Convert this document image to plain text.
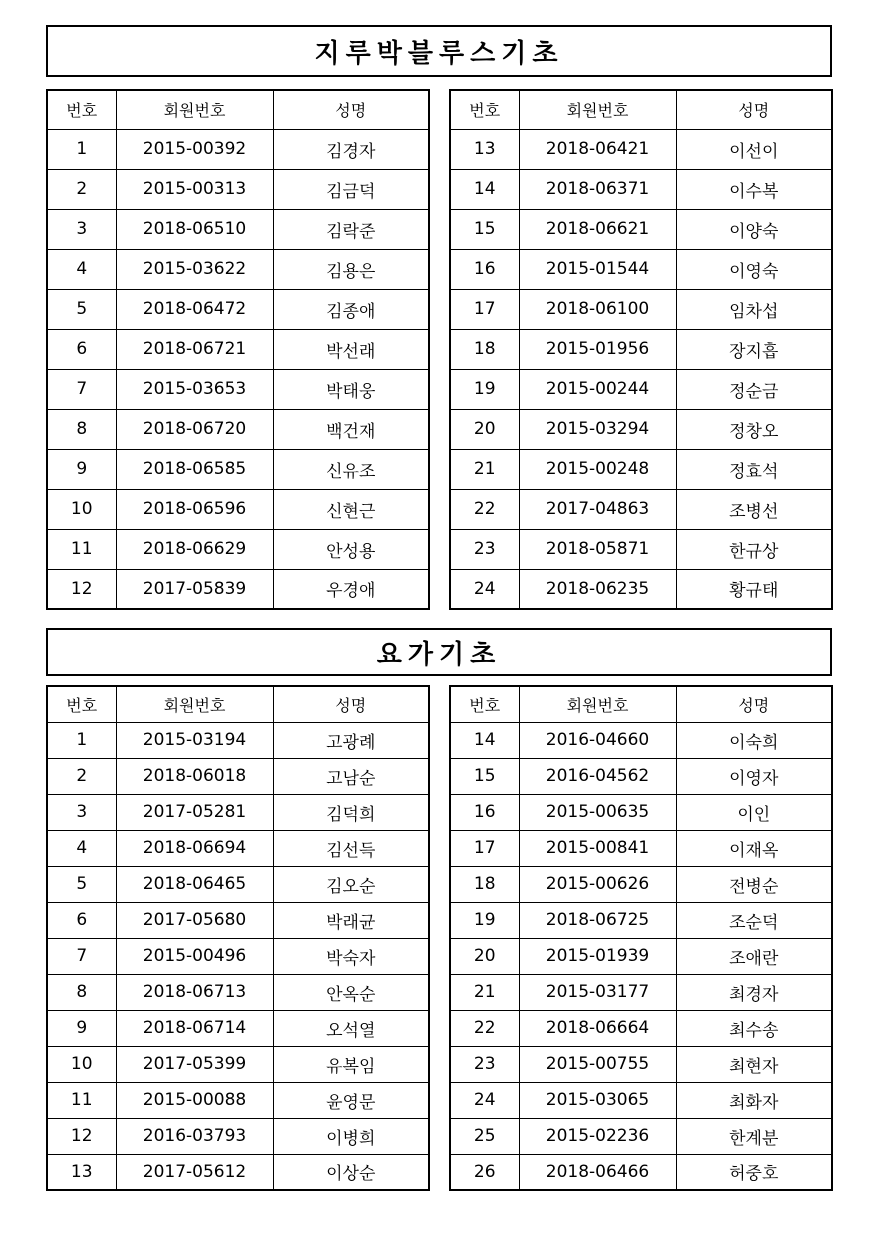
지루박블루스기초
번호	회원번호	성명
1	2015-00392	김경자
2	2015-00313	김금덕
3	2018-06510	김락준
4	2015-03622	김용은
5	2018-06472	김종애
6	2018-06721	박선래
7	2015-03653	박태웅
8	2018-06720	백건재
9	2018-06585	신유조
10	2018-06596	신현근
11	2018-06629	안성용
12	2017-05839	우경애
번호	회원번호	성명
13	2018-06421	이선이
14	2018-06371	이수복
15	2018-06621	이양숙
16	2015-01544	이영숙
17	2018-06100	임차섭
18	2015-01956	장지흡
19	2015-00244	정순금
20	2015-03294	정창오
21	2015-00248	정효석
22	2017-04863	조병선
23	2018-05871	한규상
24	2018-06235	황규태
요가기초
번호	회원번호	성명
1	2015-03194	고광례
2	2018-06018	고남순
3	2017-05281	김덕희
4	2018-06694	김선득
5	2018-06465	김오순
6	2017-05680	박래균
7	2015-00496	박숙자
8	2018-06713	안옥순
9	2018-06714	오석열
10	2017-05399	유복임
11	2015-00088	윤영문
12	2016-03793	이병희
13	2017-05612	이상순
번호	회원번호	성명
14	2016-04660	이숙희
15	2016-04562	이영자
16	2015-00635	이인
17	2015-00841	이재옥
18	2015-00626	전병순
19	2018-06725	조순덕
20	2015-01939	조애란
21	2015-03177	최경자
22	2018-06664	최수송
23	2015-00755	최현자
24	2015-03065	최화자
25	2015-02236	한계분
26	2018-06466	허중호
